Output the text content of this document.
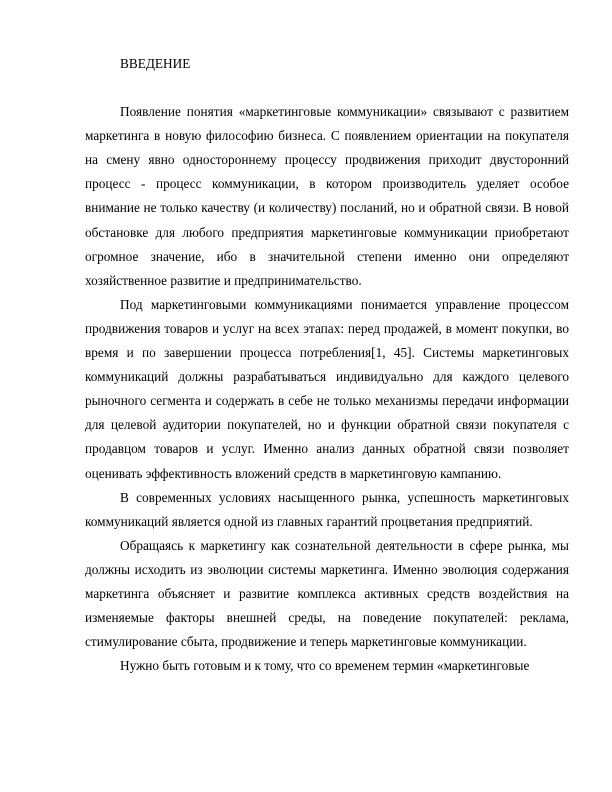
ВВЕДЕНИЕ

Появление понятия «маркетинговые коммуникации» связывают с развитием маркетинга в новую философию бизнеса. С появлением ориентации на покупателя на смену явно одностороннему процессу продвижения приходит двусторонний процесс - процесс коммуникации, в котором производитель уделяет особое внимание не только качеству (и количеству) посланий, но и обратной связи. В новой обстановке для любого предприятия маркетинговые коммуникации приобретают огромное значение, ибо в значительной степени именно они определяют хозяйственное развитие и предпринимательство.

Под маркетинговыми коммуникациями понимается управление процессом продвижения товаров и услуг на всех этапах: перед продажей, в момент покупки, во время и по завершении процесса потребления[1, 45]. Системы маркетинговых коммуникаций должны разрабатываться индивидуально для каждого целевого рыночного сегмента и содержать в себе не только механизмы передачи информации для целевой аудитории покупателей, но и функции обратной связи покупателя с продавцом товаров и услуг. Именно анализ данных обратной связи позволяет оценивать эффективность вложений средств в маркетинговую кампанию.

В современных условиях насыщенного рынка, успешность маркетинговых коммуникаций является одной из главных гарантий процветания предприятий.

Обращаясь к маркетингу как сознательной деятельности в сфере рынка, мы должны исходить из эволюции системы маркетинга. Именно эволюция содержания маркетинга объясняет и развитие комплекса активных средств воздействия на изменяемые факторы внешней среды, на поведение покупателей: реклама, стимулирование сбыта, продвижение и теперь маркетинговые коммуникации.

Нужно быть готовым и к тому, что со временем термин «маркетинговые
